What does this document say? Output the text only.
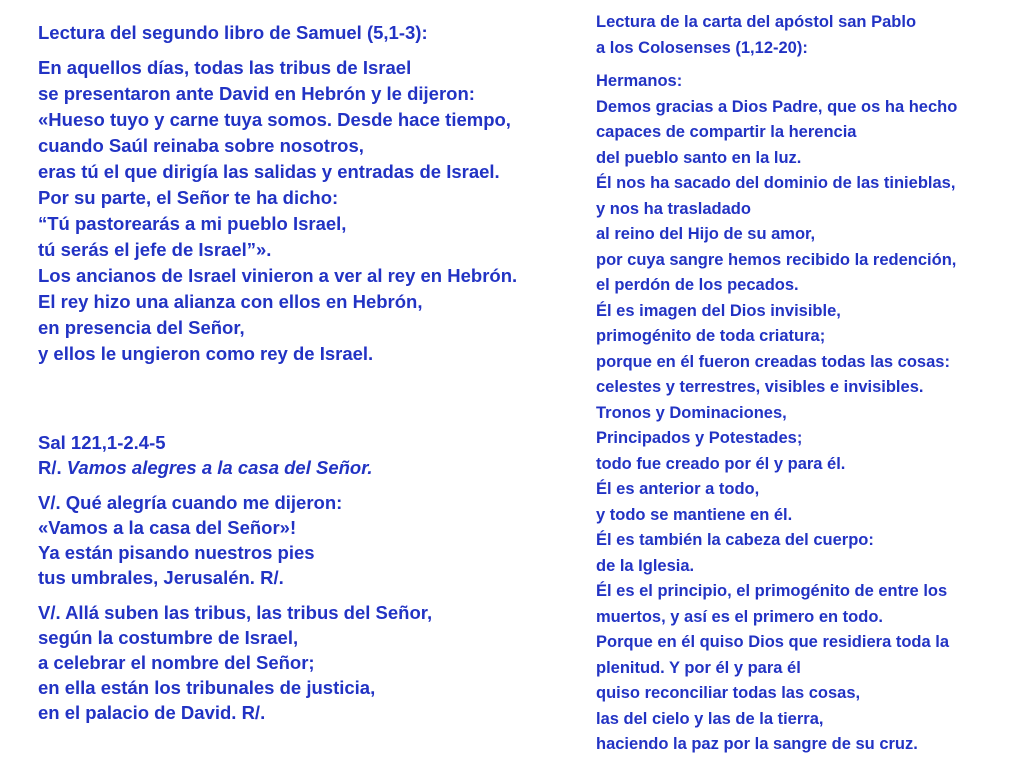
Lectura del segundo libro de Samuel (5,1-3):
En aquellos días, todas las tribus de Israel
se presentaron ante David en Hebrón y le dijeron:
«Hueso tuyo y carne tuya somos. Desde hace tiempo,
cuando Saúl reinaba sobre nosotros,
eras tú el que dirigía las salidas y entradas de Israel.
Por su parte, el Señor te ha dicho:
“Tú pastorearás a mi pueblo Israel,
tú serás el jefe de Israel”».
Los ancianos de Israel vinieron a ver al rey en Hebrón.
El rey hizo una alianza con ellos en Hebrón,
en presencia del Señor,
y ellos le ungieron como rey de Israel.
Sal 121,1-2.4-5
R/. Vamos alegres a la casa del Señor.
V/. Qué alegría cuando me dijeron:
«Vamos a la casa del Señor»!
Ya están pisando nuestros pies
tus umbrales, Jerusalén. R/.
V/. Allá suben las tribus, las tribus del Señor,
según la costumbre de Israel,
a celebrar el nombre del Señor;
en ella están los tribunales de justicia,
en el palacio de David. R/.
Lectura de la carta del apóstol san Pablo
a los Colosenses (1,12-20):
Hermanos:
Demos gracias a Dios Padre, que os ha hecho
capaces de compartir la herencia
del pueblo santo en la luz.
Él nos ha sacado del dominio de las tinieblas,
y nos ha trasladado
al reino del Hijo de su amor,
por cuya sangre hemos recibido la redención,
el perdón de los pecados.
Él es imagen del Dios invisible,
primogénito de toda criatura;
porque en él fueron creadas todas las cosas:
celestes y terrestres, visibles e invisibles.
Tronos y Dominaciones,
Principados y Potestades;
todo fue creado por él y para él.
Él es anterior a todo,
y todo se mantiene en él.
Él es también la cabeza del cuerpo:
de la Iglesia.
Él es el principio, el primogénito de entre los
muertos, y así es el primero en todo.
Porque en él quiso Dios que residiera toda la
plenitud. Y por él y para él
quiso reconciliar todas las cosas,
las del cielo y las de la tierra,
haciendo la paz por la sangre de su cruz.
